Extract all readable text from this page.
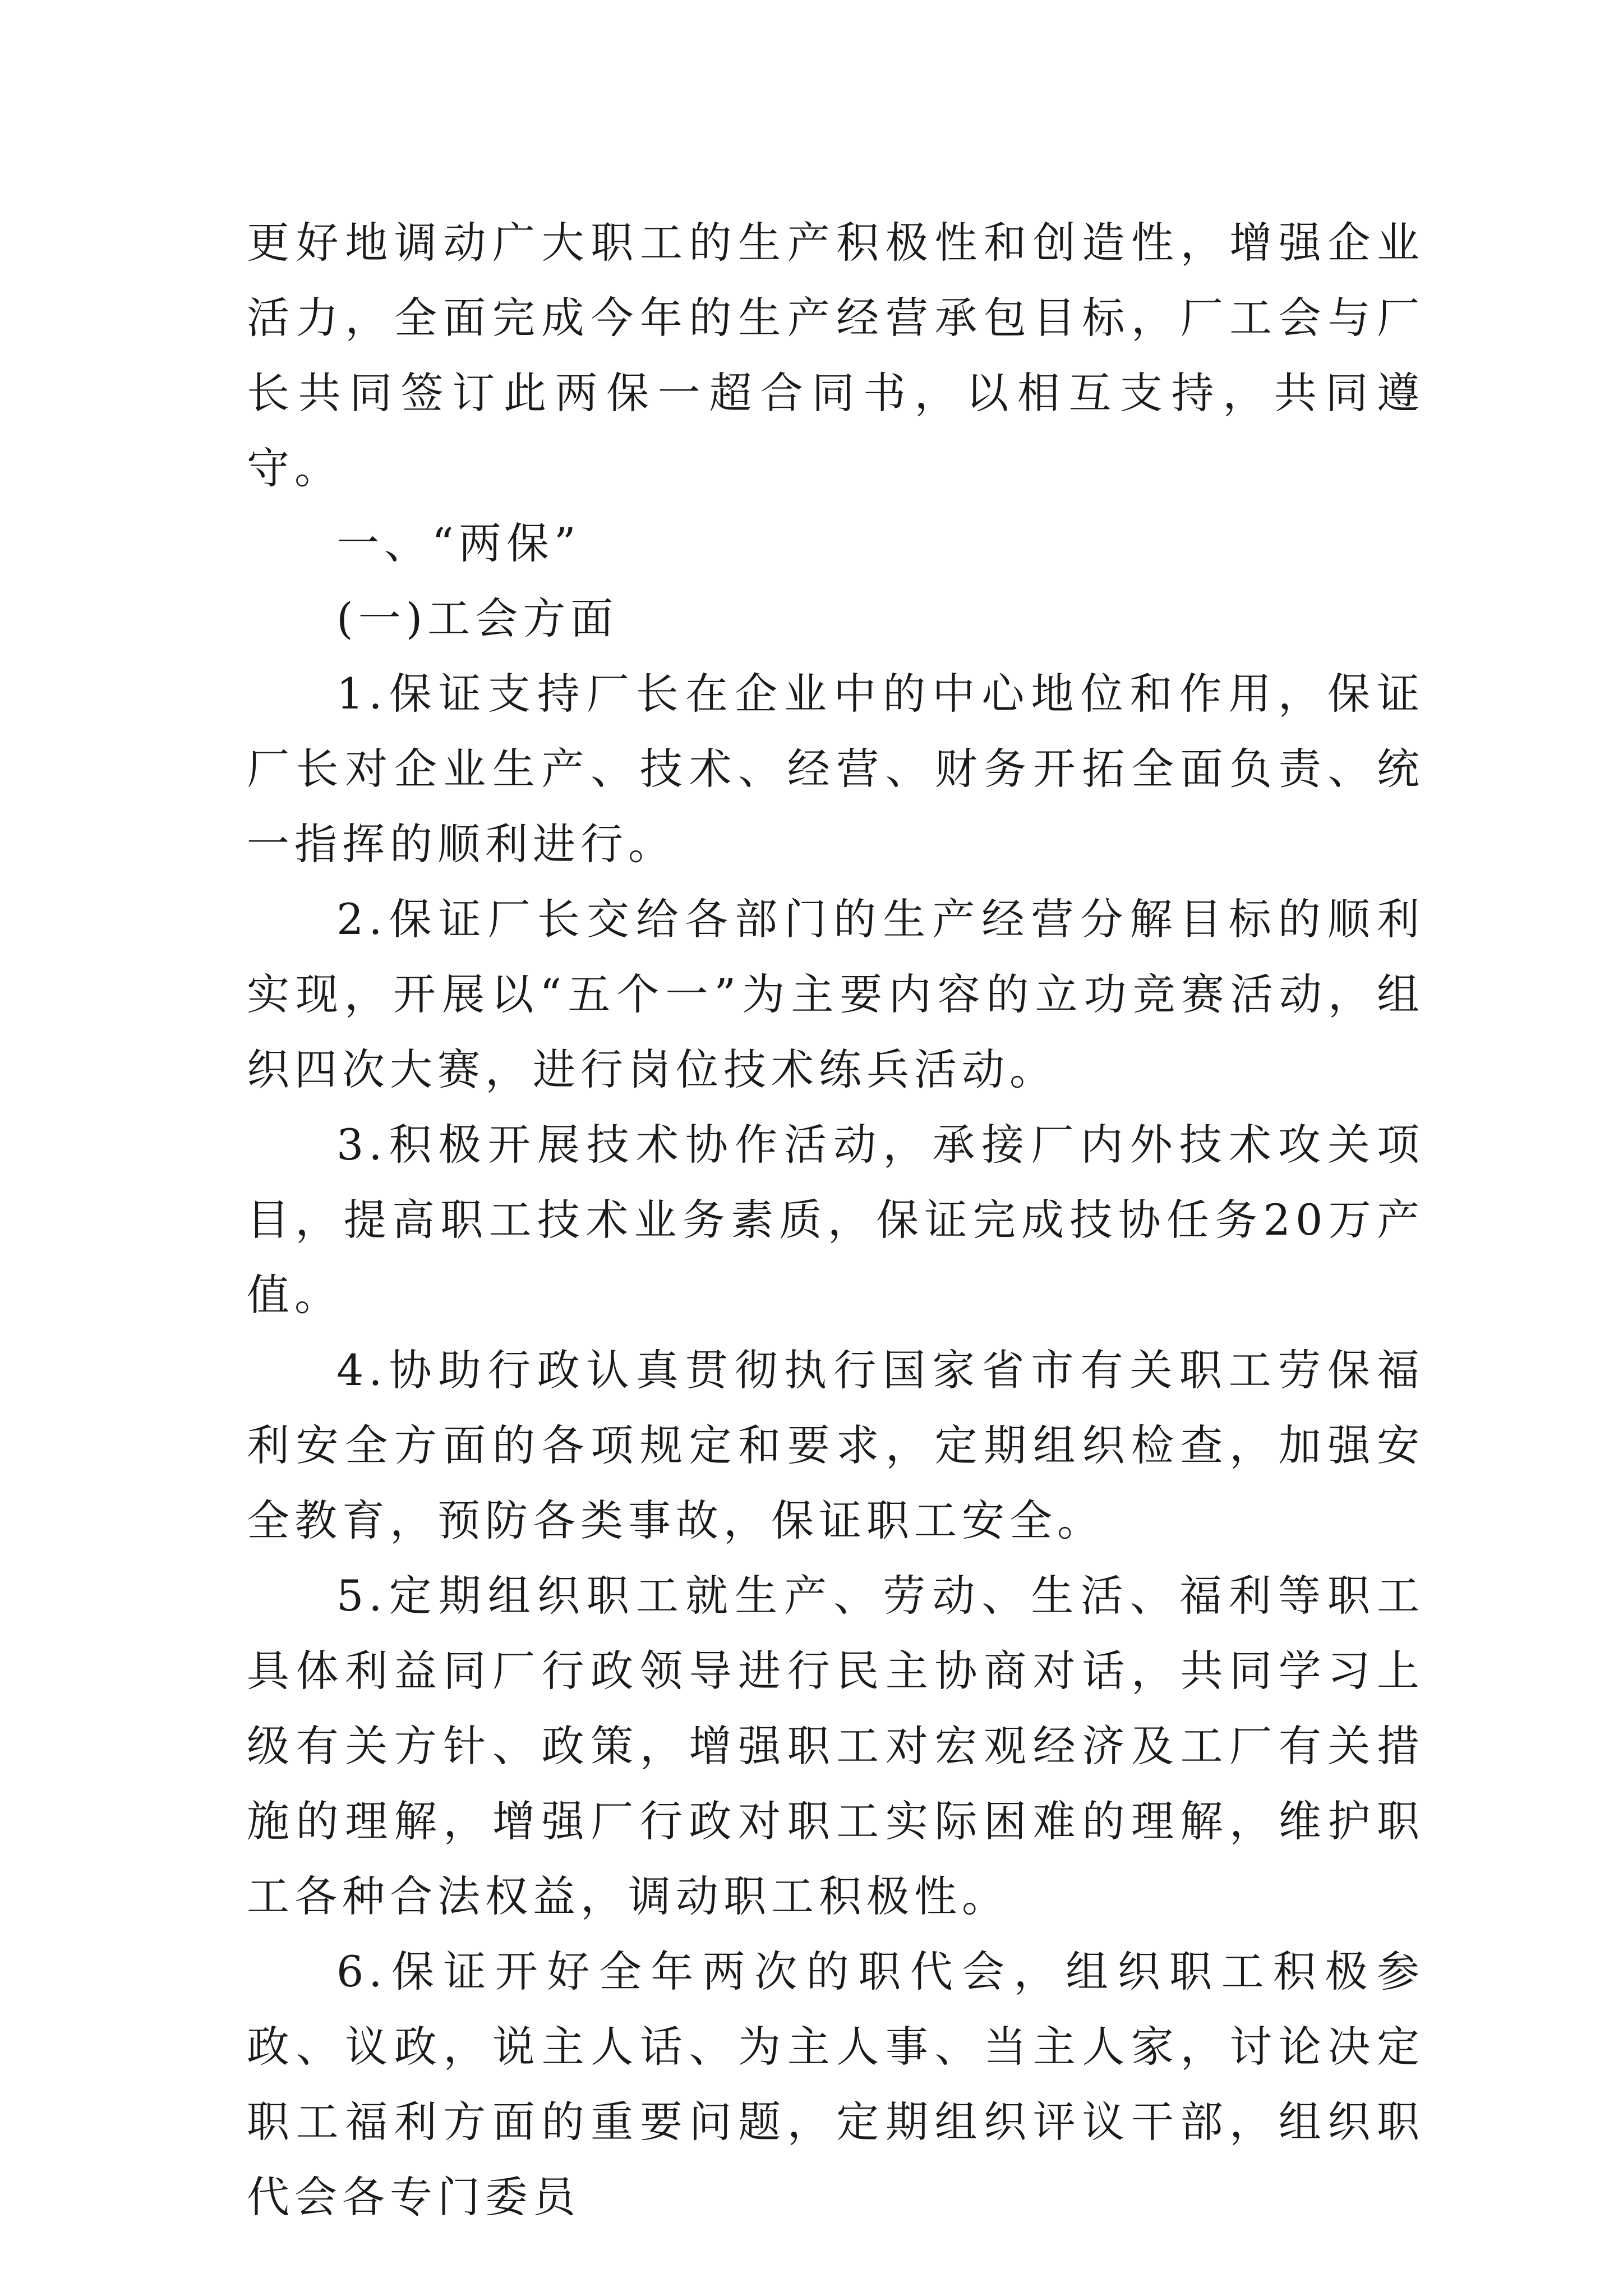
更好地调动广大职工的生产积极性和创造性，增强企业活力，全面完成今年的生产经营承包目标，厂工会与厂长共同签订此两保一超合同书，以相互支持，共同遵守。

一、“两保”

(一)工会方面

1.保证支持厂长在企业中的中心地位和作用，保证厂长对企业生产、技术、经营、财务开拓全面负责、统一指挥的顺利进行。

2.保证厂长交给各部门的生产经营分解目标的顺利实现，开展以“五个一”为主要内容的立功竞赛活动，组织四次大赛，进行岗位技术练兵活动。

3.积极开展技术协作活动，承接厂内外技术攻关项目，提高职工技术业务素质，保证完成技协任务20万产值。

4.协助行政认真贯彻执行国家省市有关职工劳保福利安全方面的各项规定和要求，定期组织检查，加强安全教育，预防各类事故，保证职工安全。

5.定期组织职工就生产、劳动、生活、福利等职工具体利益同厂行政领导进行民主协商对话，共同学习上级有关方针、政策，增强职工对宏观经济及工厂有关措施的理解，增强厂行政对职工实际困难的理解，维护职工各种合法权益，调动职工积极性。

6.保证开好全年两次的职代会，组织职工积极参政、议政，说主人话、为主人事、当主人家，讨论决定职工福利方面的重要问题，定期组织评议干部，组织职代会各专门委员
